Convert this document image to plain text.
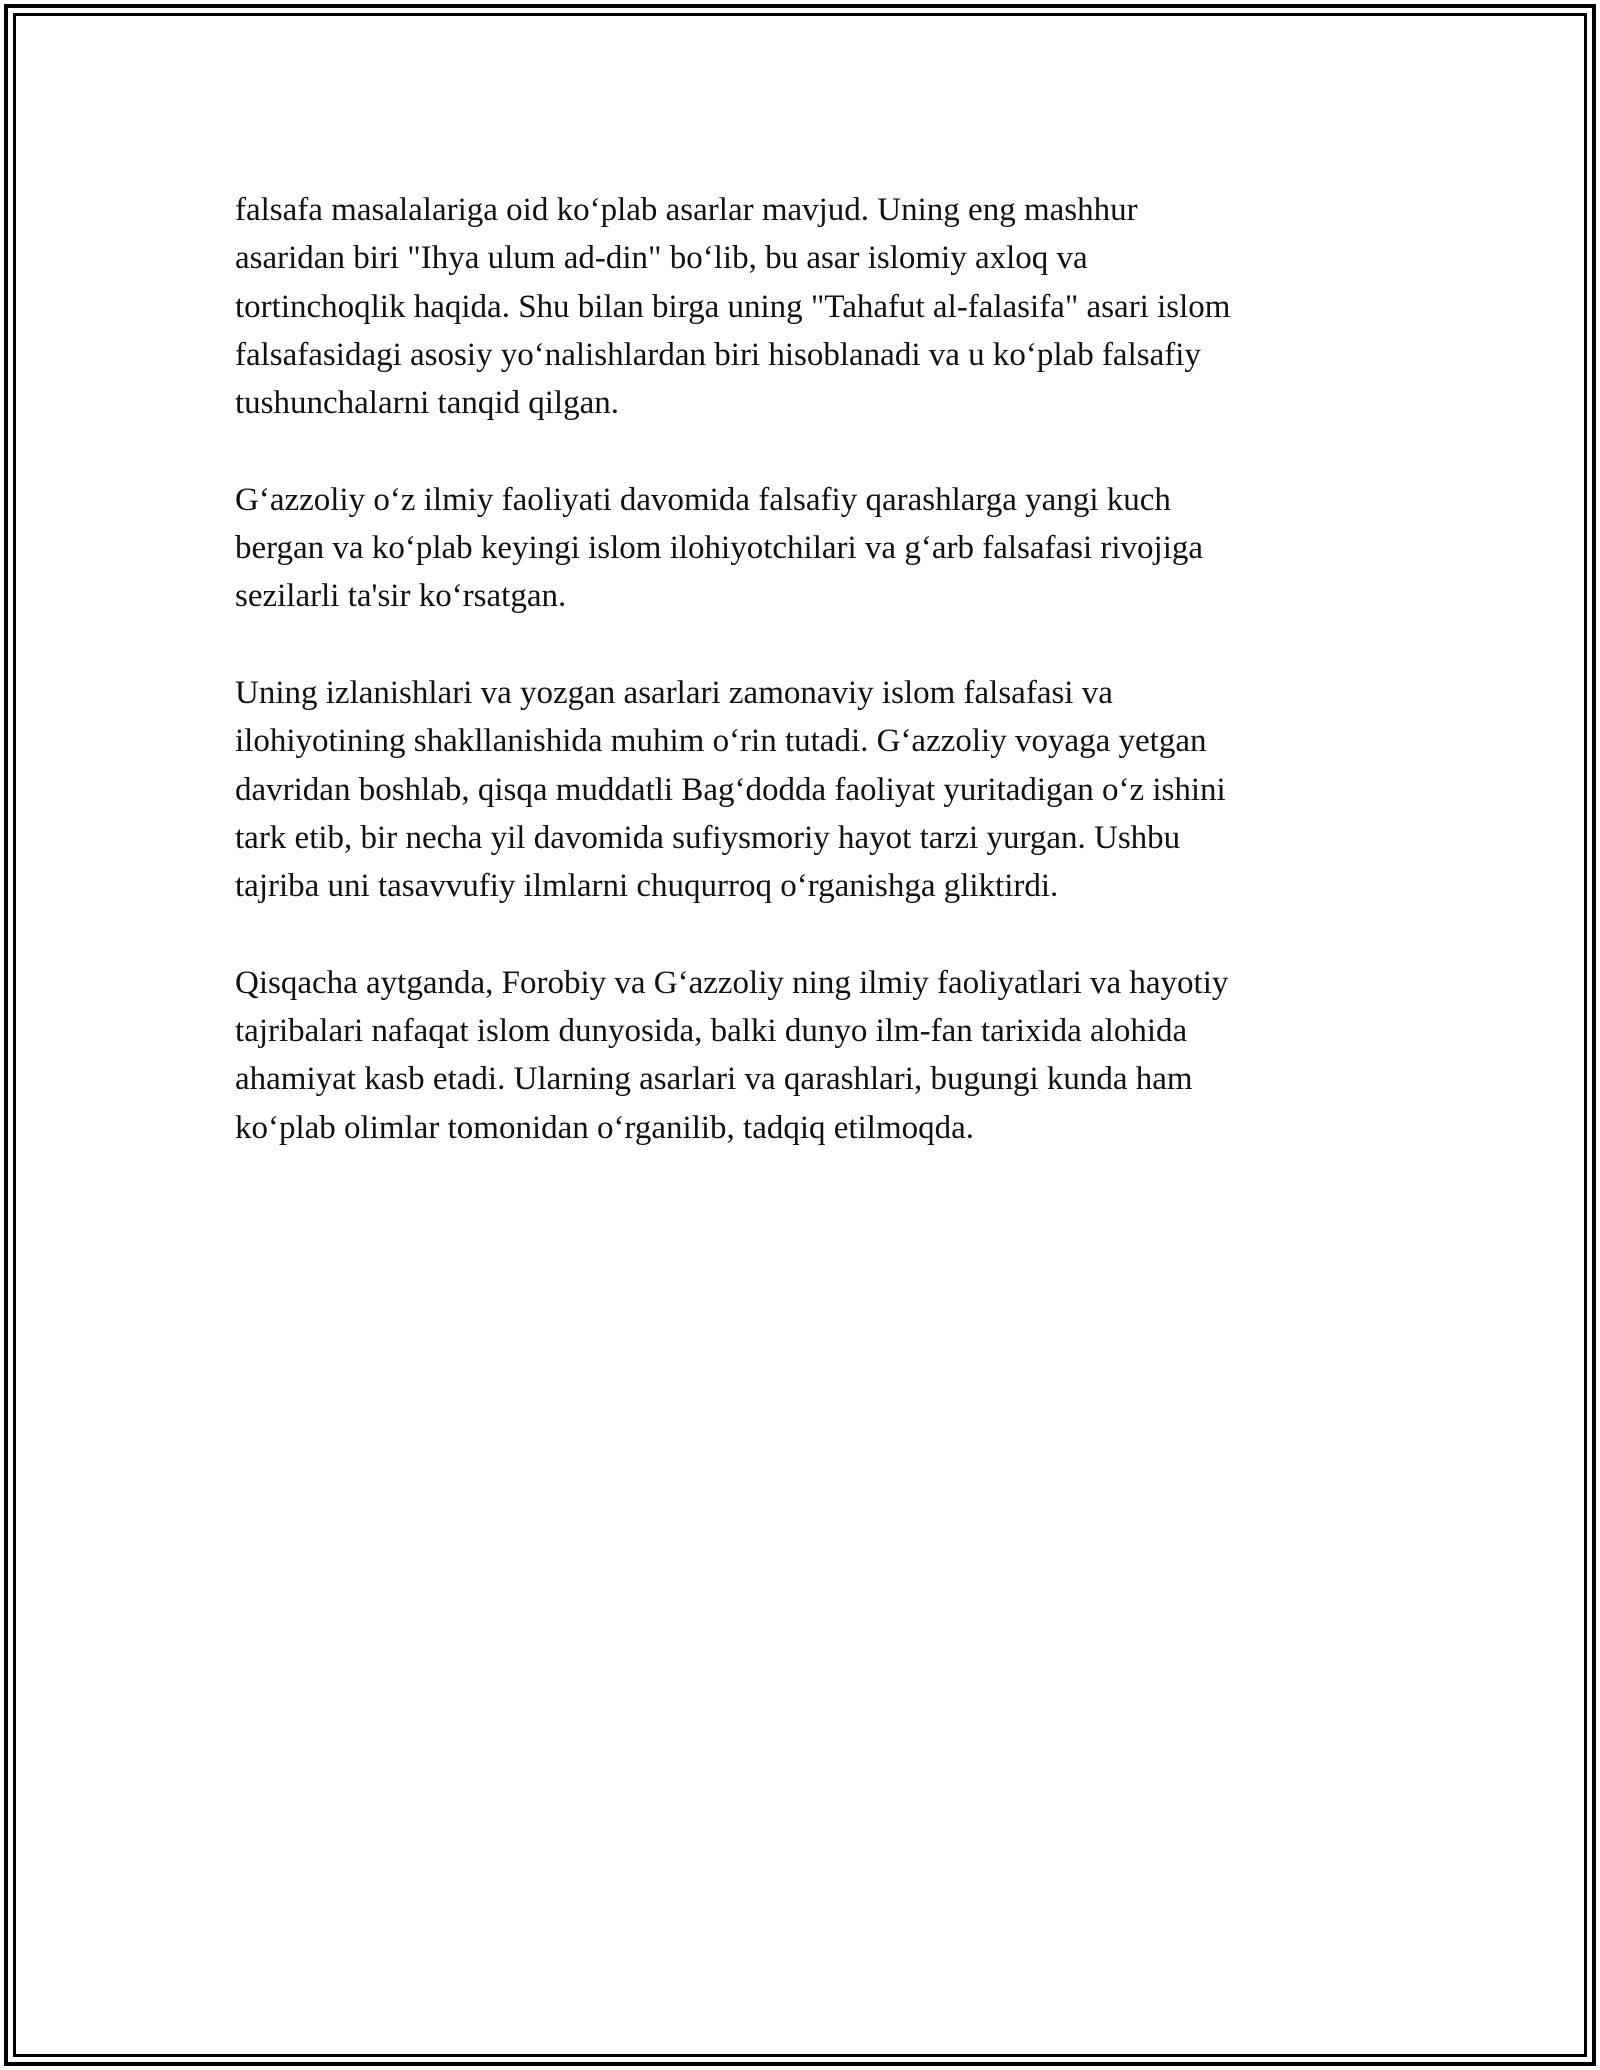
falsafa masalalariga oid ko‘plab asarlar mavjud. Uning eng mashhur
asaridan biri "Ihya ulum ad-din" bo‘lib, bu asar islomiy axloq va
tortinchoqlik haqida. Shu bilan birga uning "Tahafut al-falasifa" asari islom
falsafasidagi asosiy yo‘nalishlardan biri hisoblanadi va u ko‘plab falsafiy
tushunchalarni tanqid qilgan.

G‘azzoliy o‘z ilmiy faoliyati davomida falsafiy qarashlarga yangi kuch
bergan va ko‘plab keyingi islom ilohiyotchilari va g‘arb falsafasi rivojiga
sezilarli ta'sir ko‘rsatgan.

Uning izlanishlari va yozgan asarlari zamonaviy islom falsafasi va
ilohiyotining shakllanishida muhim o‘rin tutadi. G‘azzoliy voyaga yetgan
davridan boshlab, qisqa muddatli Bag‘dodda faoliyat yuritadigan o‘z ishini
tark etib, bir necha yil davomida sufiysmoriy hayot tarzi yurgan. Ushbu
tajriba uni tasavvufiy ilmlarni chuqurroq o‘rganishga gliktirdi.

Qisqacha aytganda, Forobiy va G‘azzoliy ning ilmiy faoliyatlari va hayotiy
tajribalari nafaqat islom dunyosida, balki dunyo ilm-fan tarixida alohida
ahamiyat kasb etadi. Ularning asarlari va qarashlari, bugungi kunda ham
ko‘plab olimlar tomonidan o‘rganilib, tadqiq etilmoqda.
